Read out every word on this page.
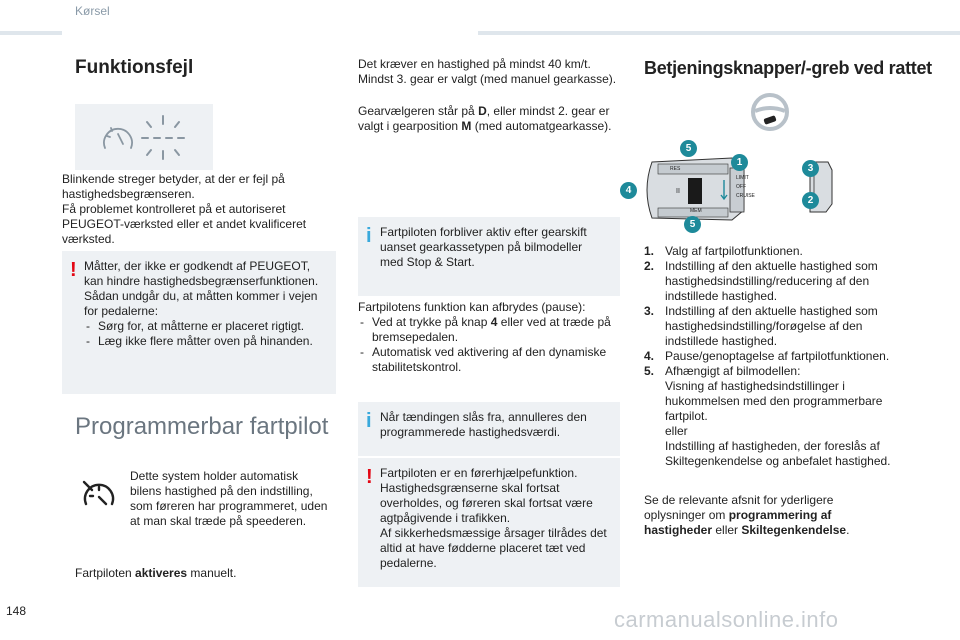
Kørsel
Funktionsfejl
Blinkende streger betyder, at der er fejl på hastighedsbegrænseren.
Få problemet kontrolleret på et autoriseret PEUGEOT-værksted eller et andet kvalificeret værksted.
! Måtter, der ikke er godkendt af PEUGEOT, kan hindre hastighedsbegrænserfunktionen.
Sådan undgår du, at måtten kommer i vejen for pedalerne:

- Sørg for, at måtterne er placeret rigtigt.
- Læg ikke flere måtter oven på hinanden.
Programmerbar fartpilot
Dette system holder automatisk bilens hastighed på den indstilling, som føreren har programmeret, uden at man skal træde på speederen.
Fartpiloten aktiveres manuelt.
Det kræver en hastighed på mindst 40 km/t.
Mindst 3. gear er valgt (med manuel gearkasse).
Gearvælgeren står på D, eller mindst 2. gear er valgt i gearposition M (med automatgearkasse).
i Fartpiloten forbliver aktiv efter gearskift uanset gearkassetypen på bilmodeller med Stop & Start.

Fartpilotens funktion kan afbrydes (pause):

- Ved at trykke på knap 4 eller ved at træde på bremsepedalen.
- Automatisk ved aktivering af den dynamiske stabilitetskontrol.
i Når tændingen slås fra, annulleres den programmerede hastighedsværdi.

! Fartpiloten er en førerhjælpefunktion.
Hastighedsgrænserne skal fortsat overholdes, og føreren skal fortsat være agtpågivende i trafikken.
Af sikkerhedsmæssige årsager tilrådes det altid at have fødderne placeret tæt ved pedalerne.

Betjeningsknapper/-greb ved rattet
RES
II
LIMIT
OFF
CRUISE
MEM
5
1
4
5
3
2
1. Valg af fartpilotfunktionen.
2. Indstilling af den aktuelle hastighed som hastighedsindstilling/reducering af den indstillede hastighed.
3. Indstilling af den aktuelle hastighed som hastighedsindstilling/forøgelse af den indstillede hastighed.
4. Pause/genoptagelse af fartpilotfunktionen.
5. Afhængigt af bilmodellen:
Visning af hastighedsindstillinger i hukommelsen med den programmerbare fartpilot.
eller
Indstilling af hastigheden, der foreslås af Skiltegenkendelse og anbefalet hastighed.
Se de relevante afsnit for yderligere oplysninger om programmering af hastigheder eller Skiltegenkendelse.
148	carmanualsonline.info
